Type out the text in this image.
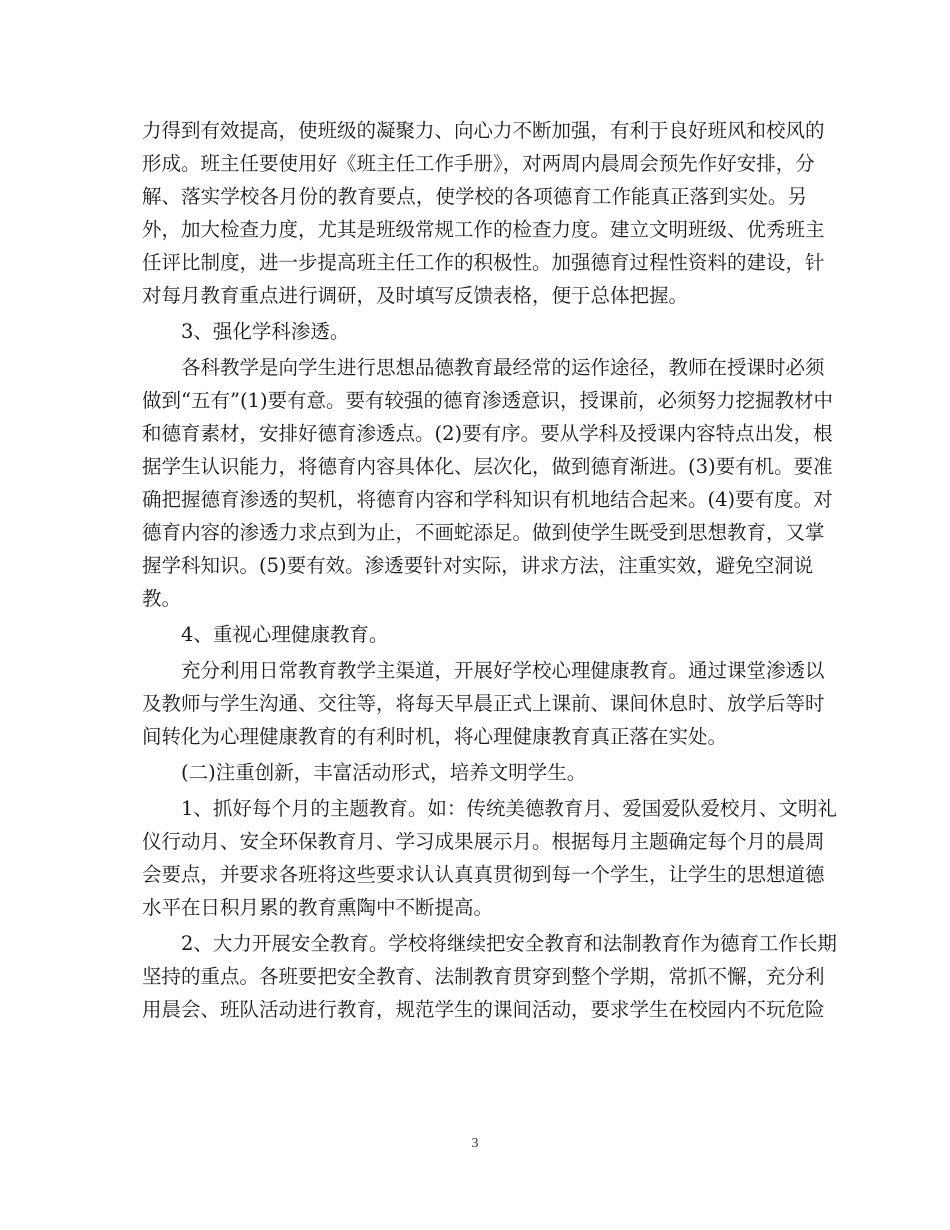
力得到有效提高，使班级的凝聚力、向心力不断加强，有利于良好班风和校风的
形成。班主任要使用好《班主任工作手册》，对两周内晨周会预先作好安排，分
解、落实学校各月份的教育要点，使学校的各项德育工作能真正落到实处。另
外，加大检查力度，尤其是班级常规工作的检查力度。建立文明班级、优秀班主
任评比制度，进一步提高班主任工作的积极性。加强德育过程性资料的建设，针
对每月教育重点进行调研，及时填写反馈表格，便于总体把握。
3、强化学科渗透。
各科教学是向学生进行思想品德教育最经常的运作途径，教师在授课时必须
做到“五有”(1)要有意。要有较强的德育渗透意识，授课前，必须努力挖掘教材中
和德育素材，安排好德育渗透点。(2)要有序。要从学科及授课内容特点出发，根
据学生认识能力，将德育内容具体化、层次化，做到德育渐进。(3)要有机。要准
确把握德育渗透的契机，将德育内容和学科知识有机地结合起来。(4)要有度。对
德育内容的渗透力求点到为止，不画蛇添足。做到使学生既受到思想教育，又掌
握学科知识。(5)要有效。渗透要针对实际，讲求方法，注重实效，避免空洞说
教。
4、重视心理健康教育。
充分利用日常教育教学主渠道，开展好学校心理健康教育。通过课堂渗透以
及教师与学生沟通、交往等，将每天早晨正式上课前、课间休息时、放学后等时
间转化为心理健康教育的有利时机，将心理健康教育真正落在实处。
(二)注重创新，丰富活动形式，培养文明学生。
1、抓好每个月的主题教育。如：传统美德教育月、爱国爱队爱校月、文明礼
仪行动月、安全环保教育月、学习成果展示月。根据每月主题确定每个月的晨周
会要点，并要求各班将这些要求认认真真贯彻到每一个学生，让学生的思想道德
水平在日积月累的教育熏陶中不断提高。
2、大力开展安全教育。学校将继续把安全教育和法制教育作为德育工作长期
坚持的重点。各班要把安全教育、法制教育贯穿到整个学期，常抓不懈，充分利
用晨会、班队活动进行教育，规范学生的课间活动，要求学生在校园内不玩危险
3
